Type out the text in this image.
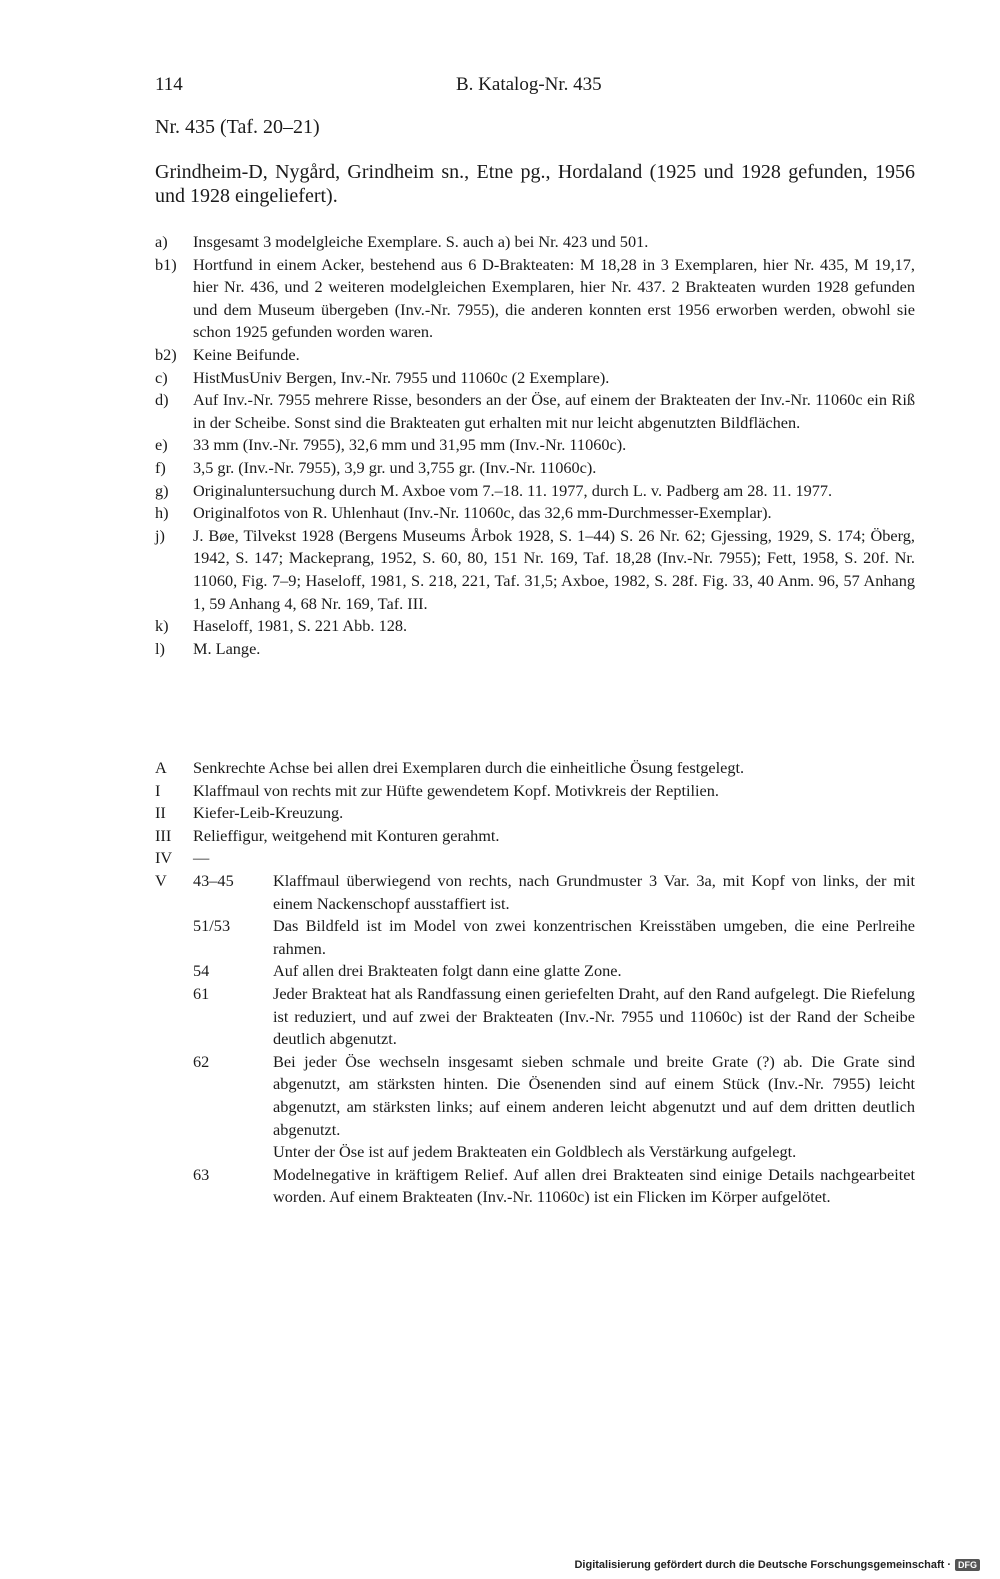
114	B. Katalog-Nr. 435
Nr. 435 (Taf. 20–21)
Grindheim-D, Nygård, Grindheim sn., Etne pg., Hordaland (1925 und 1928 gefunden, 1956 und 1928 eingeliefert).
a)	Insgesamt 3 modelgleiche Exemplare. S. auch a) bei Nr. 423 und 501.
b1) Hortfund in einem Acker, bestehend aus 6 D-Brakteaten: M 18,28 in 3 Exemplaren, hier Nr. 435, M 19,17, hier Nr. 436, und 2 weiteren modelgleichen Exemplaren, hier Nr. 437. 2 Brakteaten wurden 1928 gefunden und dem Museum übergeben (Inv.-Nr. 7955), die anderen konnten erst 1956 erworben werden, obwohl sie schon 1925 gefunden worden waren.
b2) Keine Beifunde.
c)	HistMusUniv Bergen, Inv.-Nr. 7955 und 11060c (2 Exemplare).
d)	Auf Inv.-Nr. 7955 mehrere Risse, besonders an der Öse, auf einem der Brakteaten der Inv.-Nr. 11060c ein Riß in der Scheibe. Sonst sind die Brakteaten gut erhalten mit nur leicht abgenutzten Bildflächen.
e)	33 mm (Inv.-Nr. 7955), 32,6 mm und 31,95 mm (Inv.-Nr. 11060c).
f)	3,5 gr. (Inv.-Nr. 7955), 3,9 gr. und 3,755 gr. (Inv.-Nr. 11060c).
g)	Originaluntersuchung durch M. Axboe vom 7.–18. 11. 1977, durch L. v. Padberg am 28. 11. 1977.
h)	Originalfotos von R. Uhlenhaut (Inv.-Nr. 11060c, das 32,6 mm-Durchmesser-Exemplar).
j)	J. Bøe, Tilvekst 1928 (Bergens Museums Årbok 1928, S. 1–44) S. 26 Nr. 62; Gjessing, 1929, S. 174; Öberg, 1942, S. 147; Mackeprang, 1952, S. 60, 80, 151 Nr. 169, Taf. 18,28 (Inv.-Nr. 7955); Fett, 1958, S. 20f. Nr. 11060, Fig. 7–9; Haseloff, 1981, S. 218, 221, Taf. 31,5; Axboe, 1982, S. 28f. Fig. 33, 40 Anm. 96, 57 Anhang 1, 59 Anhang 4, 68 Nr. 169, Taf. III.
k)	Haseloff, 1981, S. 221 Abb. 128.
l)	M. Lange.
A	Senkrechte Achse bei allen drei Exemplaren durch die einheitliche Ösung festgelegt.
I	Klaffmaul von rechts mit zur Hüfte gewendetem Kopf. Motivkreis der Reptilien.
II	Kiefer-Leib-Kreuzung.
III	Relieffigur, weitgehend mit Konturen gerahmt.
IV	—
V	43–45	Klaffmaul überwiegend von rechts, nach Grundmuster 3 Var. 3a, mit Kopf von links, der mit einem Nackenschopf ausstaffiert ist.
51/53	Das Bildfeld ist im Model von zwei konzentrischen Kreisstäben umgeben, die eine Perlreihe rahmen.
54	Auf allen drei Brakteaten folgt dann eine glatte Zone.
61	Jeder Brakteat hat als Randfassung einen geriefelten Draht, auf den Rand aufgelegt. Die Riefelung ist reduziert, und auf zwei der Brakteaten (Inv.-Nr. 7955 und 11060c) ist der Rand der Scheibe deutlich abgenutzt.
62	Bei jeder Öse wechseln insgesamt sieben schmale und breite Grate (?) ab. Die Grate sind abgenutzt, am stärksten hinten. Die Ösenenden sind auf einem Stück (Inv.-Nr. 7955) leicht abgenutzt, am stärksten links; auf einem anderen leicht abgenutzt und auf dem dritten deutlich abgenutzt.
Unter der Öse ist auf jedem Brakteaten ein Goldblech als Verstärkung aufgelegt.
63	Modelnegative in kräftigem Relief. Auf allen drei Brakteaten sind einige Details nachgearbeitet worden. Auf einem Brakteaten (Inv.-Nr. 11060c) ist ein Flicken im Körper aufgelötet.
Digitalisierung gefördert durch die Deutsche Forschungsgemeinschaft · DFG
